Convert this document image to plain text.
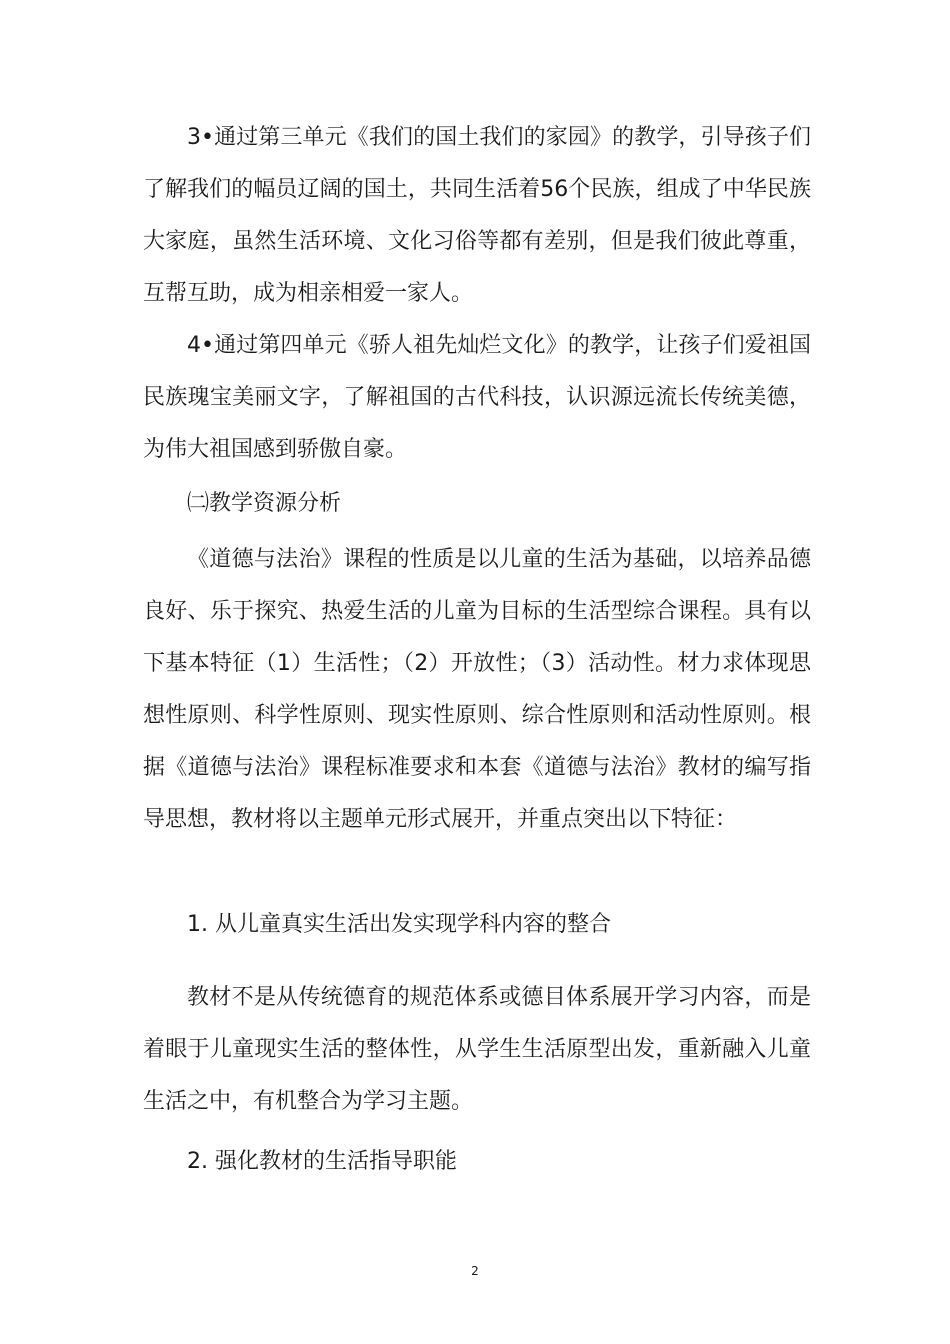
3•通过第三单元《我们的国土我们的家园》的教学，引导孩子们了解我们的幅员辽阔的国土，共同生活着56个民族，组成了中华民族大家庭，虽然生活环境、文化习俗等都有差别，但是我们彼此尊重，互帮互助，成为相亲相爱一家人。

4•通过第四单元《骄人祖先灿烂文化》的教学，让孩子们爱祖国民族瑰宝美丽文字，了解祖国的古代科技，认识源远流长传统美德，为伟大祖国感到骄傲自豪。

㈡教学资源分析

《道德与法治》课程的性质是以儿童的生活为基础，以培养品德良好、乐于探究、热爱生活的儿童为目标的生活型综合课程。具有以下基本特征（1）生活性；（2）开放性；（3）活动性。材力求体现思想性原则、科学性原则、现实性原则、综合性原则和活动性原则。根据《道德与法治》课程标准要求和本套《道德与法治》教材的编写指导思想，教材将以主题单元形式展开，并重点突出以下特征：

1. 从儿童真实生活出发实现学科内容的整合

教材不是从传统德育的规范体系或德目体系展开学习内容，而是着眼于儿童现实生活的整体性，从学生生活原型出发，重新融入儿童生活之中，有机整合为学习主题。

2. 强化教材的生活指导职能

2
